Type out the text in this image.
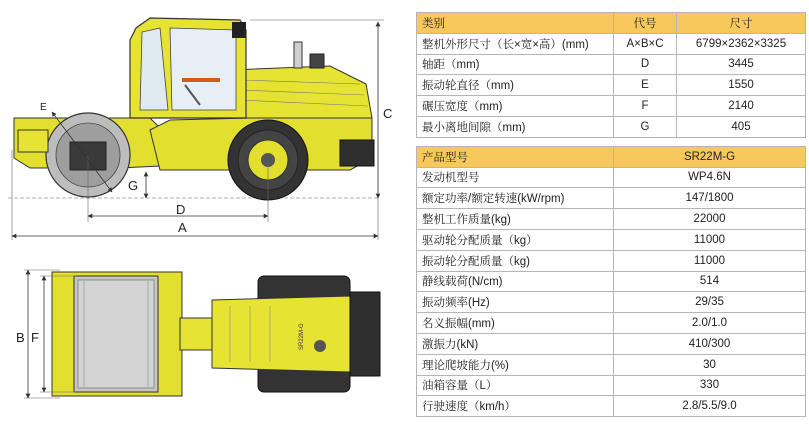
C
D
A
E
G
SR22M-G
B F
类别	代号	尺寸
整机外形尺寸（长×宽×高）(mm)	A×B×C	6799×2362×3325
轴距（mm)	D	3445
振动轮直径（mm)	E	1550
碾压宽度（mm)	F	2140
最小离地间隙（mm)	G	405
产品型号	SR22M-G
发动机型号	WP4.6N
额定功率/额定转速(kW/rpm)	147/1800
整机工作质量(kg)	22000
驱动轮分配质量（kg）	11000
振动轮分配质量（kg)	11000
静线载荷(N/cm)	514
振动频率(Hz)	29/35
名义振幅(mm)	2.0/1.0
激振力(kN)	410/300
理论爬坡能力(%)	30
油箱容量（L）	330
行驶速度（km/h）	2.8/5.5/9.0
